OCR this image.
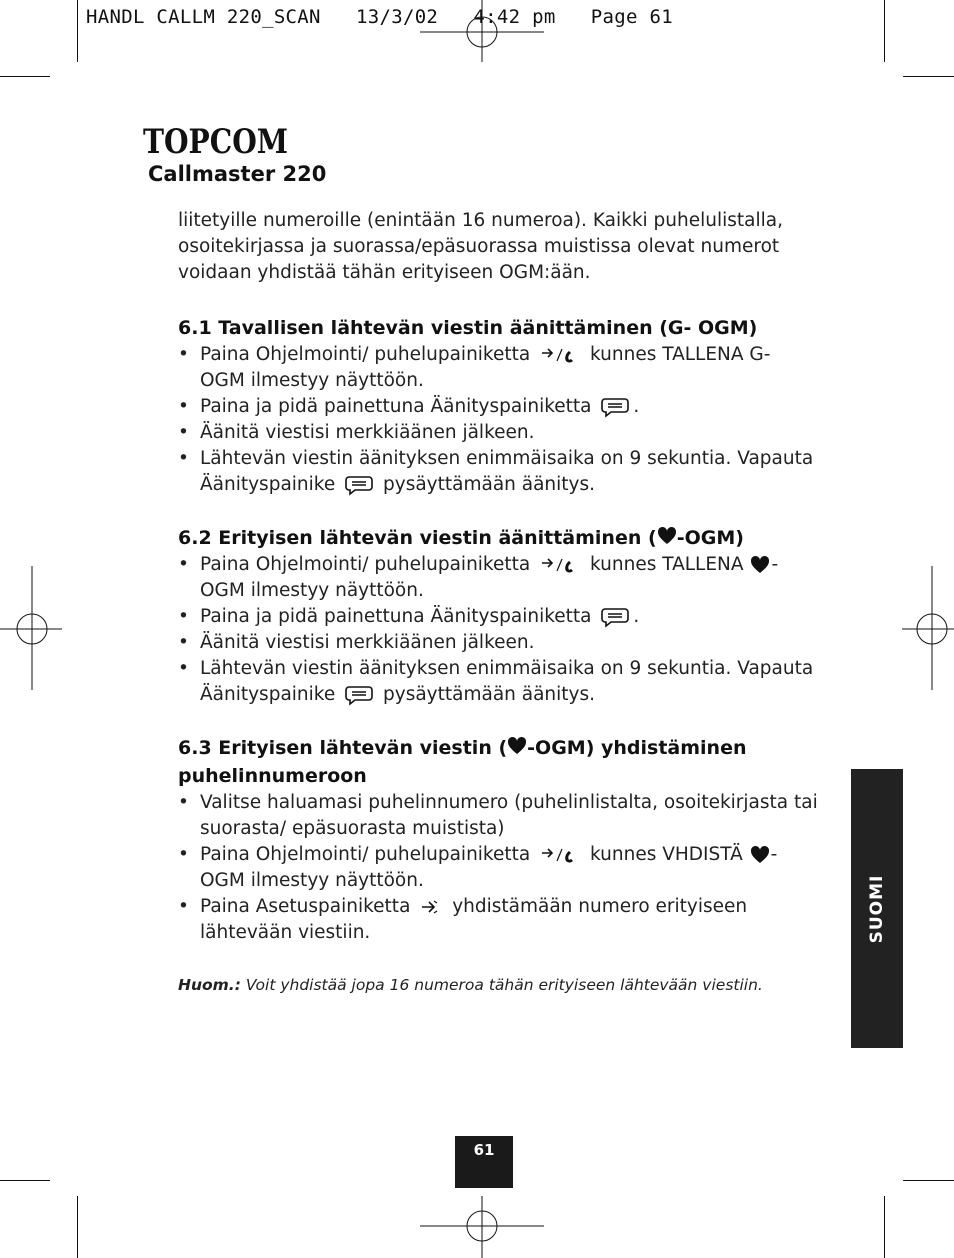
HANDL CALLM 220_SCAN   13/3/02   4:42 pm   Page 61
TOPCOM
Callmaster 220

liitetyille numeroille (enintään 16 numeroa). Kaikki puhelulistalla, osoitekirjassa ja suorassa/epäsuorassa muistissa olevat numerot voidaan yhdistää tähän erityiseen OGM:ään.

6.1 Tavallisen lähtevän viestin äänittäminen (G- OGM)
• Paina Ohjelmointi/ puhelupainiketta	kunnes TALLENA G- OGM ilmestyy näyttöön.
• Paina ja pidä painettuna Äänityspainiketta .
• Äänitä viestisi merkkiäänen jälkeen.
• Lähtevän viestin äänityksen enimmäisaika on 9 sekuntia. Vapauta Äänityspainike	pysäyttämään äänitys.
6.2 Erityisen lähtevän viestin äänittäminen ( -OGM)
• Paina Ohjelmointi/ puhelupainiketta	kunnes TALLENA -OGM ilmestyy näyttöön.
• Paina ja pidä painettuna Äänityspainiketta .
• Äänitä viestisi merkkiäänen jälkeen.
• Lähtevän viestin äänityksen enimmäisaika on 9 sekuntia. Vapauta Äänityspainike	pysäyttämään äänitys.
6.3 Erityisen lähtevän viestin ( -OGM) yhdistäminen puhelinnumeroon
• Valitse haluamasi puhelinnumero (puhelinlistalta, osoitekirjasta tai suorasta/ epäsuorasta muistista)
• Paina Ohjelmointi/ puhelupainiketta	kunnes VHDISTÄ -OGM ilmestyy näyttöön.
• Paina Asetuspainiketta yhdistämään numero erityiseen lähtevään viestiin.
Huom.: Voit yhdistää jopa 16 numeroa tähän erityiseen lähtevään viestiin.
SUOMI
61
